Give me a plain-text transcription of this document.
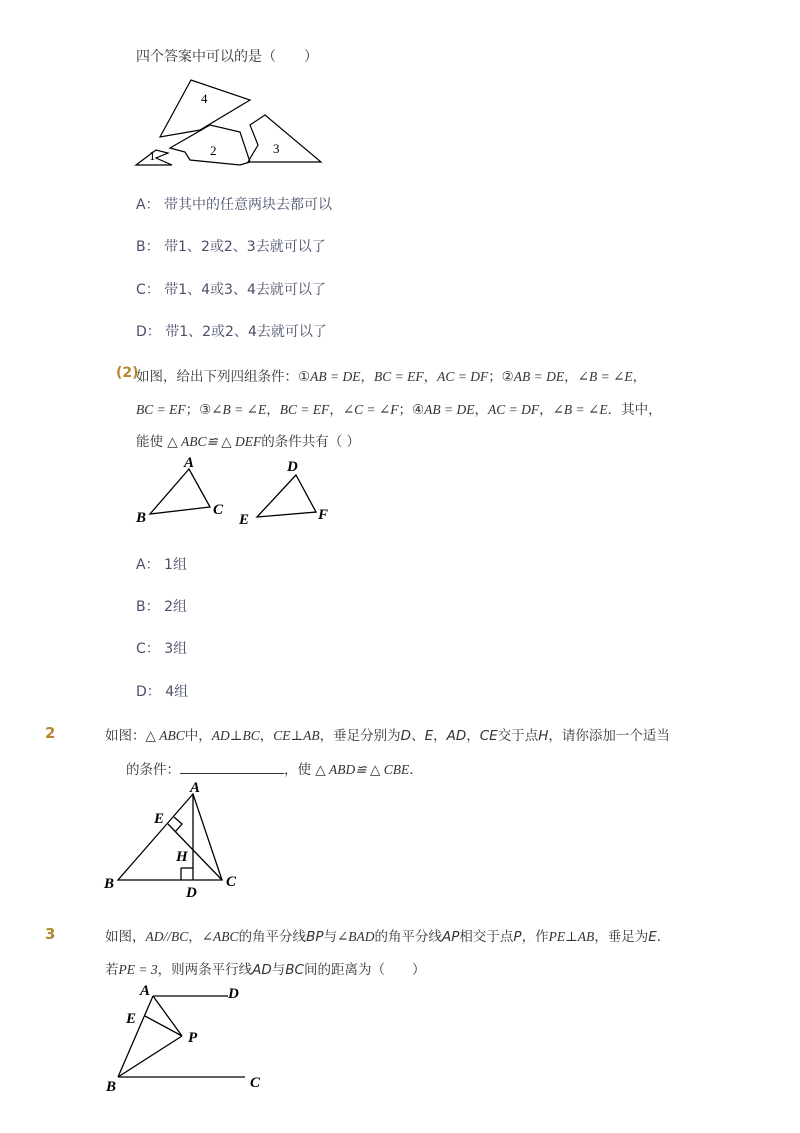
四个答案中可以的是（　　）
4
1	2	3
A： 带其中的任意两块去都可以
B： 带1、2或2、3去就可以了
C： 带1、4或3、4去就可以了
D： 带1、2或2、4去就可以了
(2)
如图，给出下列四组条件：①AB = DE，BC = EF，AC = DF；②AB = DE，∠B = ∠E，
BC = EF；③∠B = ∠E，BC = EF，∠C = ∠F；④AB = DE，AC = DF，∠B = ∠E．其中，
能使 △ ABC≌ △ DEF的条件共有（ ）
A
B	C
D
E	F
A： 1组
B： 2组
C： 3组
D： 4组
2	如图：△ ABC中，AD⊥BC，CE⊥AB，垂足分别为D、E，AD，CE交于点H，请你添加一个适当
的条件：	，使 △ ABD≌ △ CBE．
A
B	C
D
E
H
3	如图，AD//BC，∠ABC的角平分线BP与∠BAD的角平分线AP相交于点P，作PE⊥AB，垂足为E．
若PE = 3，则两条平行线AD与BC间的距离为（　　）
A
B	C
D
E
P
